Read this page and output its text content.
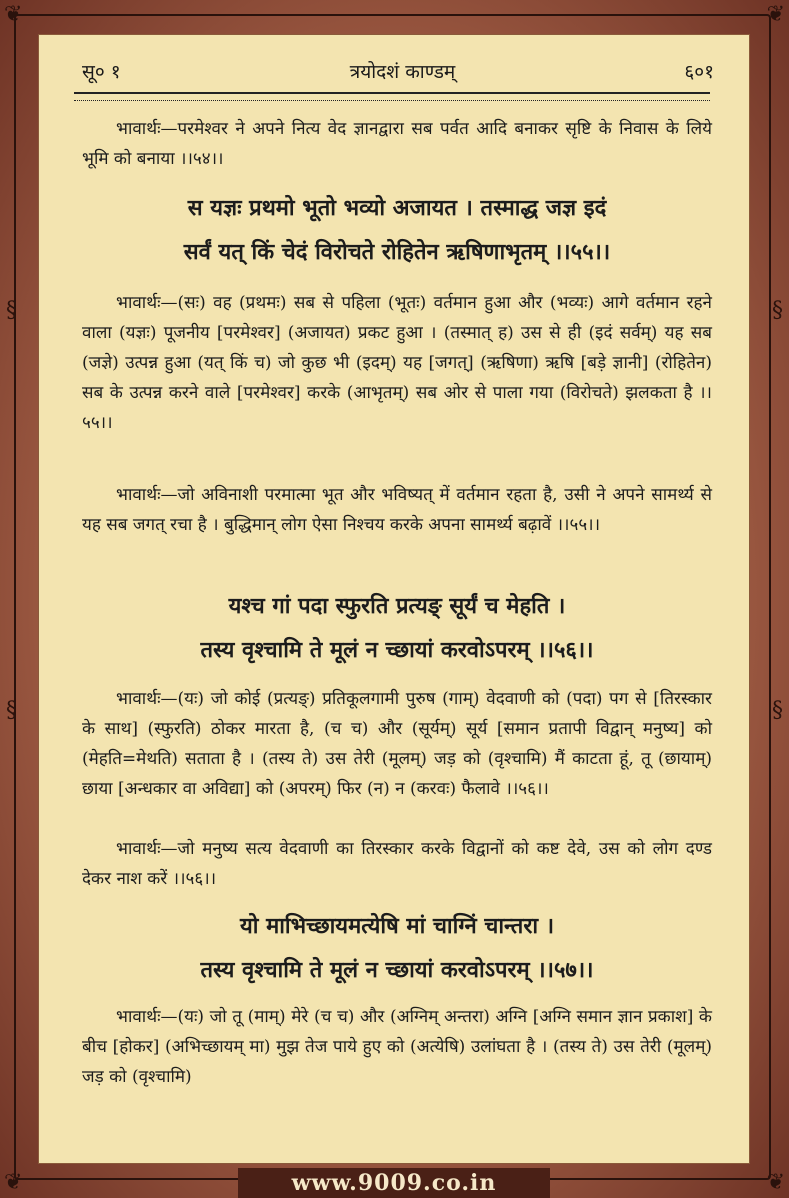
❦	❦
❦	❦
§
§
§
§
सू० १	त्रयोदशं काण्डम्	६०१
भावार्थः—परमेश्वर ने अपने नित्य वेद ज्ञानद्वारा सब पर्वत आदि बनाकर सृष्टि के निवास के लिये भूमि को बनाया ।।५४।।
स यज्ञः प्रथमो भूतो भव्यो अजायत । तस्माद्ध जज्ञ इदं
सर्वं यत् किं चेदं विरोचते रोहितेन ऋषिणाभृतम् ।।५५।।
भावार्थः—(सः) वह (प्रथमः) सब से पहिला (भूतः) वर्तमान हुआ और (भव्यः) आगे वर्तमान रहने वाला (यज्ञः) पूजनीय [परमेश्वर] (अजायत) प्रकट हुआ । (तस्मात् ह) उस से ही (इदं सर्वम्) यह सब (जज्ञे) उत्पन्न हुआ (यत् किं च) जो कुछ भी (इदम्) यह [जगत्] (ऋषिणा) ऋषि [बड़े ज्ञानी] (रोहितेन) सब के उत्पन्न करने वाले [परमेश्वर] करके (आभृतम्) सब ओर से पाला गया (विरोचते) झलकता है ।।५५।।
भावार्थः—जो अविनाशी परमात्मा भूत और भविष्यत् में वर्तमान रहता है, उसी ने अपने सामर्थ्य से यह सब जगत् रचा है । बुद्धिमान् लोग ऐसा निश्चय करके अपना सामर्थ्य बढ़ावें ।।५५।।
यश्च गां पदा स्फुरति प्रत्यङ् सूर्यं च मेहति ।
तस्य वृश्चामि ते मूलं न च्छायां करवोऽपरम् ।।५६।।
भावार्थः—(यः) जो कोई (प्रत्यङ्) प्रतिकूलगामी पुरुष (गाम्) वेदवाणी को (पदा) पग से [तिरस्कार के साथ] (स्फुरति) ठोकर मारता है, (च च) और (सूर्यम्) सूर्य [समान प्रतापी विद्वान् मनुष्य] को (मेहति=मेथति) सताता है । (तस्य ते) उस तेरी (मूलम्) जड़ को (वृश्चामि) मैं काटता हूं, तू (छायाम्) छाया [अन्धकार वा अविद्या] को (अपरम्) फिर (न) न (करवः) फैलावे ।।५६।।
भावार्थः—जो मनुष्य सत्य वेदवाणी का तिरस्कार करके विद्वानों को कष्ट देवे, उस को लोग दण्ड देकर नाश करें ।।५६।।
यो माभिच्छायमत्येषि मां चाग्निं चान्तरा ।
तस्य वृश्चामि ते मूलं न च्छायां करवोऽपरम् ।।५७।।
भावार्थः—(यः) जो तू (माम्) मेरे (च च) और (अग्निम् अन्तरा) अग्नि [अग्नि समान ज्ञान प्रकाश] के बीच [होकर] (अभिच्छायम् मा) मुझ तेज पाये हुए को (अत्येषि) उलांघता है । (तस्य ते) उस तेरी (मूलम्) जड़ को (वृश्चामि)
www.9009.co.in
